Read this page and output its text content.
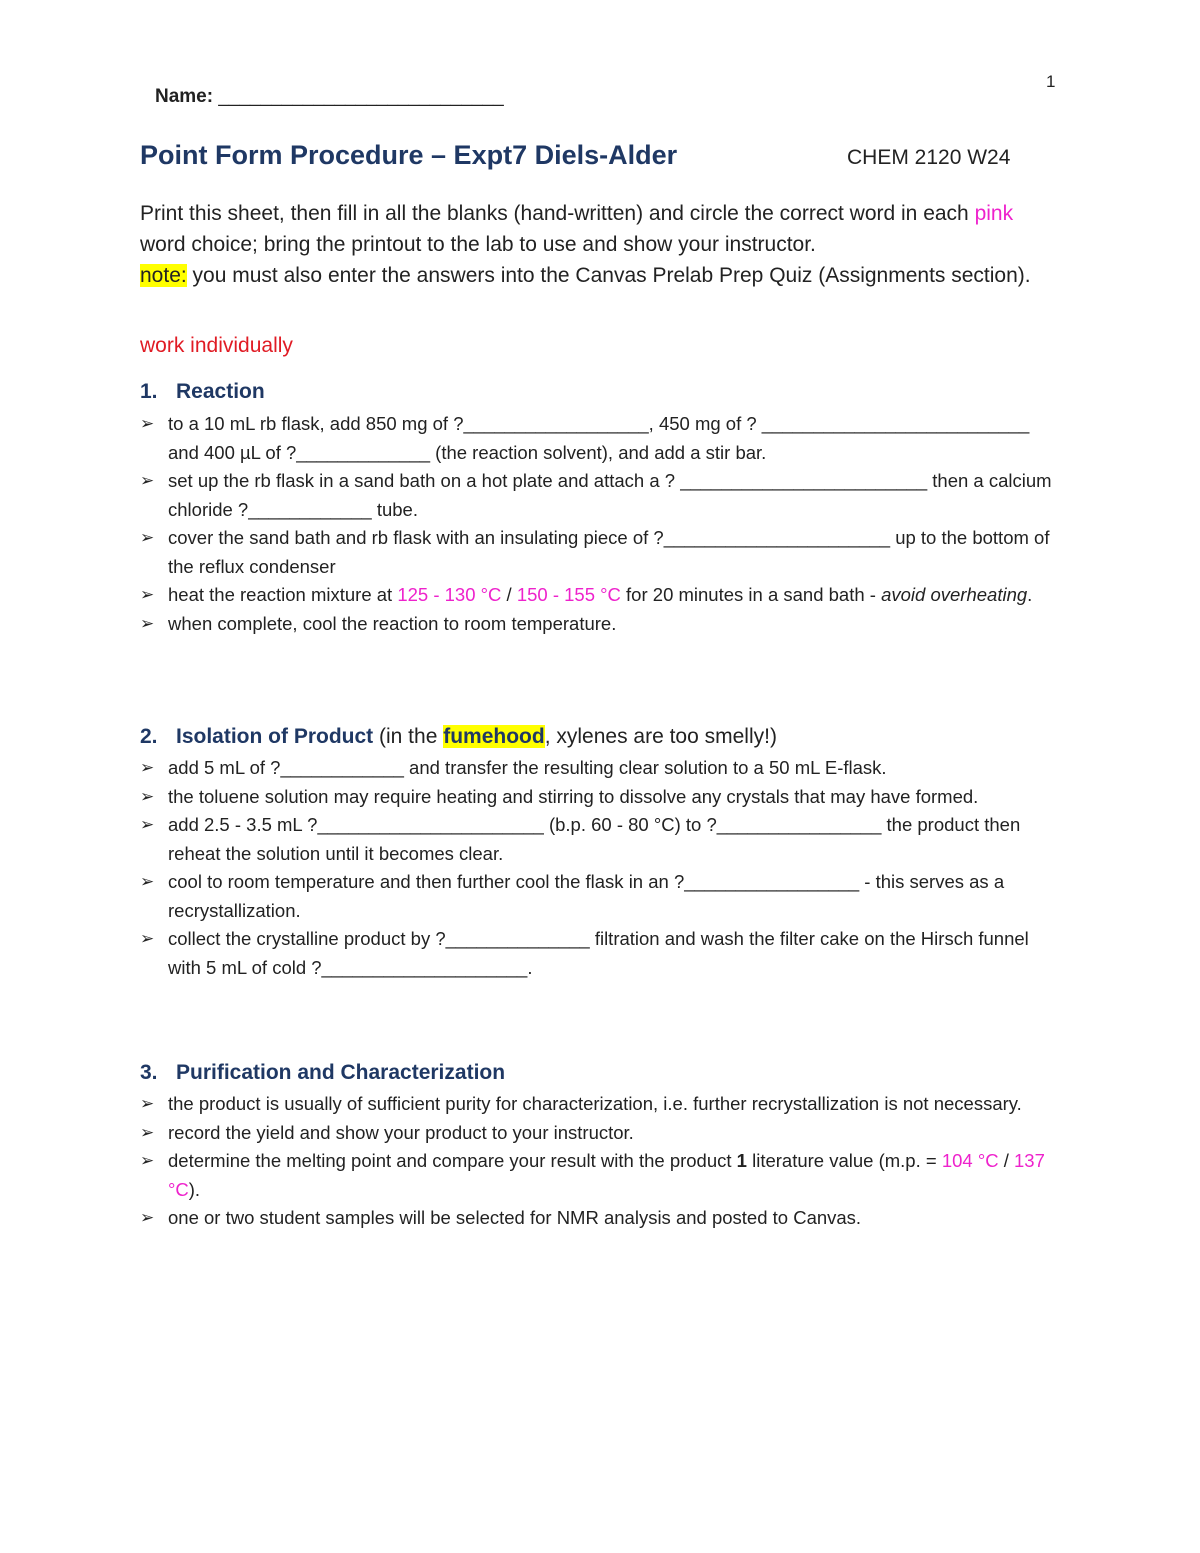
1
Name: ___________________________
Point Form Procedure – Expt7 Diels-Alder	CHEM 2120 W24

Print this sheet, then fill in all the blanks (hand-written) and circle the correct word in each pink word choice; bring the printout to the lab to use and show your instructor.
note: you must also enter the answers into the Canvas Prelab Prep Quiz (Assignments section).

work individually
1. Reaction
➢ to a 10 mL rb flask, add 850 mg of ?__________________, 450 mg of ? __________________________ and 400 µL of ?_____________ (the reaction solvent), and add a stir bar.
➢ set up the rb flask in a sand bath on a hot plate and attach a ? ________________________ then a calcium chloride ?____________ tube.
➢ cover the sand bath and rb flask with an insulating piece of ?______________________ up to the bottom of the reflux condenser
➢ heat the reaction mixture at 125 - 130 °C / 150 - 155 °C for 20 minutes in a sand bath - avoid overheating.
➢ when complete, cool the reaction to room temperature.
2. Isolation of Product (in the fumehood, xylenes are too smelly!)
➢ add 5 mL of ?____________ and transfer the resulting clear solution to a 50 mL E-flask.
➢ the toluene solution may require heating and stirring to dissolve any crystals that may have formed.
➢ add 2.5 - 3.5 mL ?______________________ (b.p. 60 - 80 °C) to ?________________ the product then reheat the solution until it becomes clear.
➢ cool to room temperature and then further cool the flask in an ?_________________ - this serves as a recrystallization.
➢ collect the crystalline product by ?______________ filtration and wash the filter cake on the Hirsch funnel with 5 mL of cold ?____________________.
3. Purification and Characterization
➢ the product is usually of sufficient purity for characterization, i.e. further recrystallization is not necessary.
➢ record the yield and show your product to your instructor.
➢ determine the melting point and compare your result with the product 1 literature value (m.p. = 104 °C / 137 °C).
➢ one or two student samples will be selected for NMR analysis and posted to Canvas.
